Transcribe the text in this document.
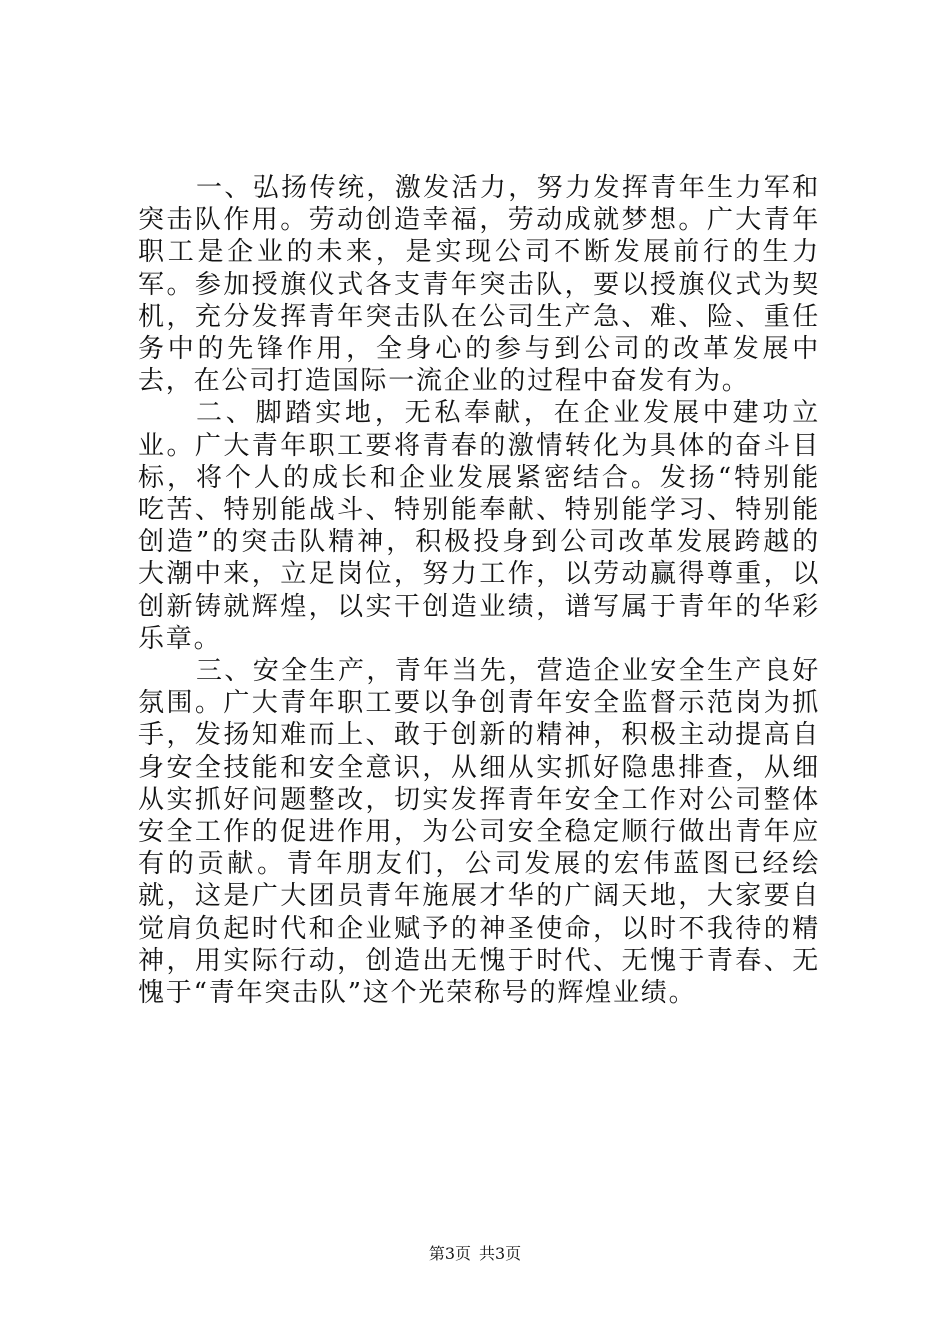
一、弘扬传统，激发活力，努力发挥青年生力军和突击队作用。劳动创造幸福，劳动成就梦想。广大青年职工是企业的未来，是实现公司不断发展前行的生力军。参加授旗仪式各支青年突击队，要以授旗仪式为契机，充分发挥青年突击队在公司生产急、难、险、重任务中的先锋作用，全身心的参与到公司的改革发展中去，在公司打造国际一流企业的过程中奋发有为。

二、脚踏实地，无私奉献，在企业发展中建功立业。广大青年职工要将青春的激情转化为具体的奋斗目标，将个人的成长和企业发展紧密结合。发扬“特别能吃苦、特别能战斗、特别能奉献、特别能学习、特别能创造”的突击队精神，积极投身到公司改革发展跨越的大潮中来，立足岗位，努力工作，以劳动赢得尊重，以创新铸就辉煌，以实干创造业绩，谱写属于青年的华彩乐章。

三、安全生产，青年当先，营造企业安全生产良好氛围。广大青年职工要以争创青年安全监督示范岗为抓手，发扬知难而上、敢于创新的精神，积极主动提高自身安全技能和安全意识，从细从实抓好隐患排查，从细从实抓好问题整改，切实发挥青年安全工作对公司整体安全工作的促进作用，为公司安全稳定顺行做出青年应有的贡献。青年朋友们，公司发展的宏伟蓝图已经绘就，这是广大团员青年施展才华的广阔天地，大家要自觉肩负起时代和企业赋予的神圣使命，以时不我待的精神，用实际行动，创造出无愧于时代、无愧于青春、无愧于“青年突击队”这个光荣称号的辉煌业绩。

第3页 共3页
